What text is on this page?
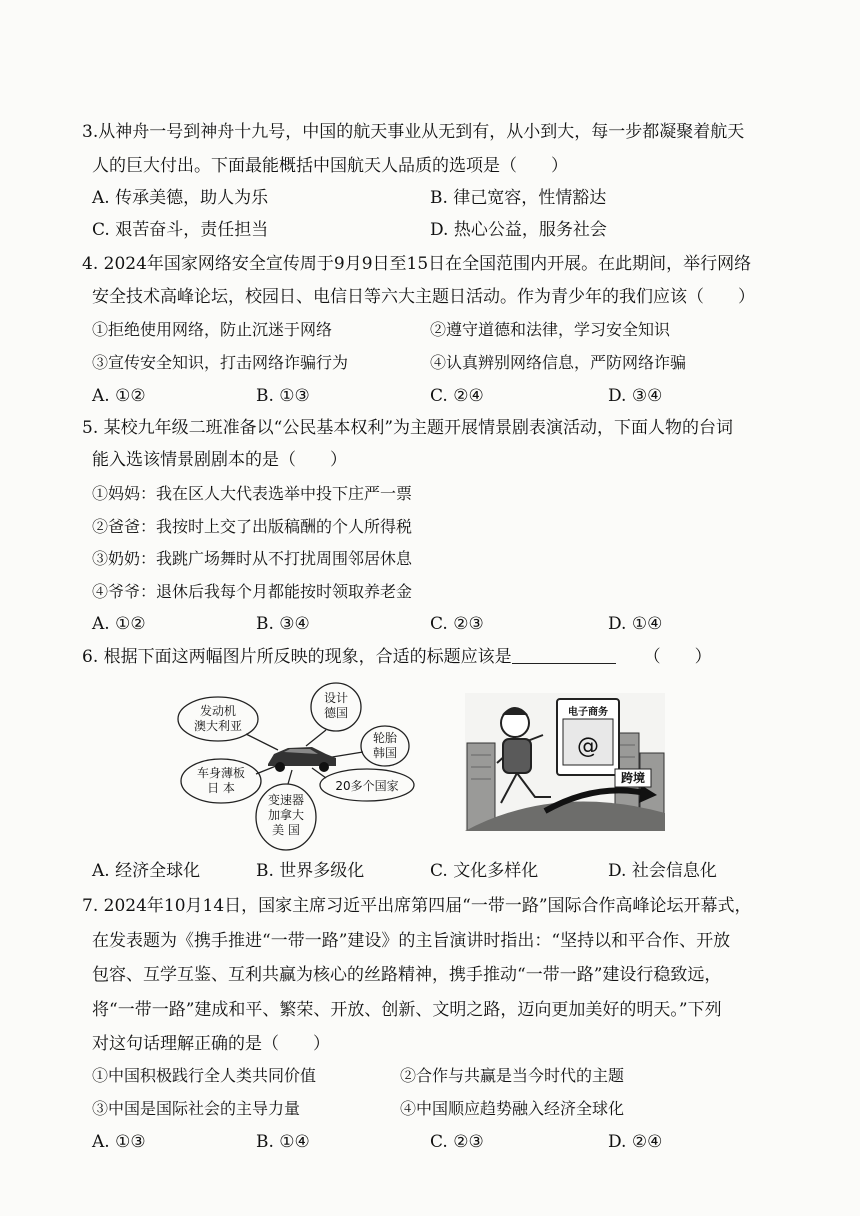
3.从神舟一号到神舟十九号，中国的航天事业从无到有，从小到大，每一步都凝聚着航天
人的巨大付出。下面最能概括中国航天人品质的选项是（　　）
A. 传承美德，助人为乐	B. 律己宽容，性情豁达
C. 艰苦奋斗，责任担当	D. 热心公益，服务社会
4. 2024年国家网络安全宣传周于9月9日至15日在全国范围内开展。在此期间，举行网络
安全技术高峰论坛，校园日、电信日等六大主题日活动。作为青少年的我们应该（　　）
①拒绝使用网络，防止沉迷于网络	②遵守道德和法律，学习安全知识
③宣传安全知识，打击网络诈骗行为	④认真辨别网络信息，严防网络诈骗
A. ①②	B. ①③	C. ②④	D. ③④
5. 某校九年级二班准备以“公民基本权利”为主题开展情景剧表演活动，下面人物的台词
能入选该情景剧剧本的是（　　）
①妈妈：我在区人大代表选举中投下庄严一票
②爸爸：我按时上交了出版稿酬的个人所得税
③奶奶：我跳广场舞时从不打扰周围邻居休息
④爷爷：退休后我每个月都能按时领取养老金
A. ①②	B. ③④	C. ②③	D. ①④
6. 根据下面这两幅图片所反映的现象，合适的标题应该是	（　　）
发动机
澳大利亚
设计
德国
轮胎
韩国
车身薄板
日 本	20多个国家
变速器
加拿大
美 国
电子商务
@
跨境
A. 经济全球化	B. 世界多级化	C. 文化多样化	D. 社会信息化
7. 2024年10月14日，国家主席习近平出席第四届“一带一路”国际合作高峰论坛开幕式，
在发表题为《携手推进“一带一路”建设》的主旨演讲时指出：“坚持以和平合作、开放
包容、互学互鉴、互利共赢为核心的丝路精神，携手推动“一带一路”建设行稳致远，
将“一带一路”建成和平、繁荣、开放、创新、文明之路，迈向更加美好的明天。”下列
对这句话理解正确的是（　　）
①中国积极践行全人类共同价值	②合作与共赢是当今时代的主题
③中国是国际社会的主导力量	④中国顺应趋势融入经济全球化
A. ①③	B. ①④	C. ②③	D. ②④
